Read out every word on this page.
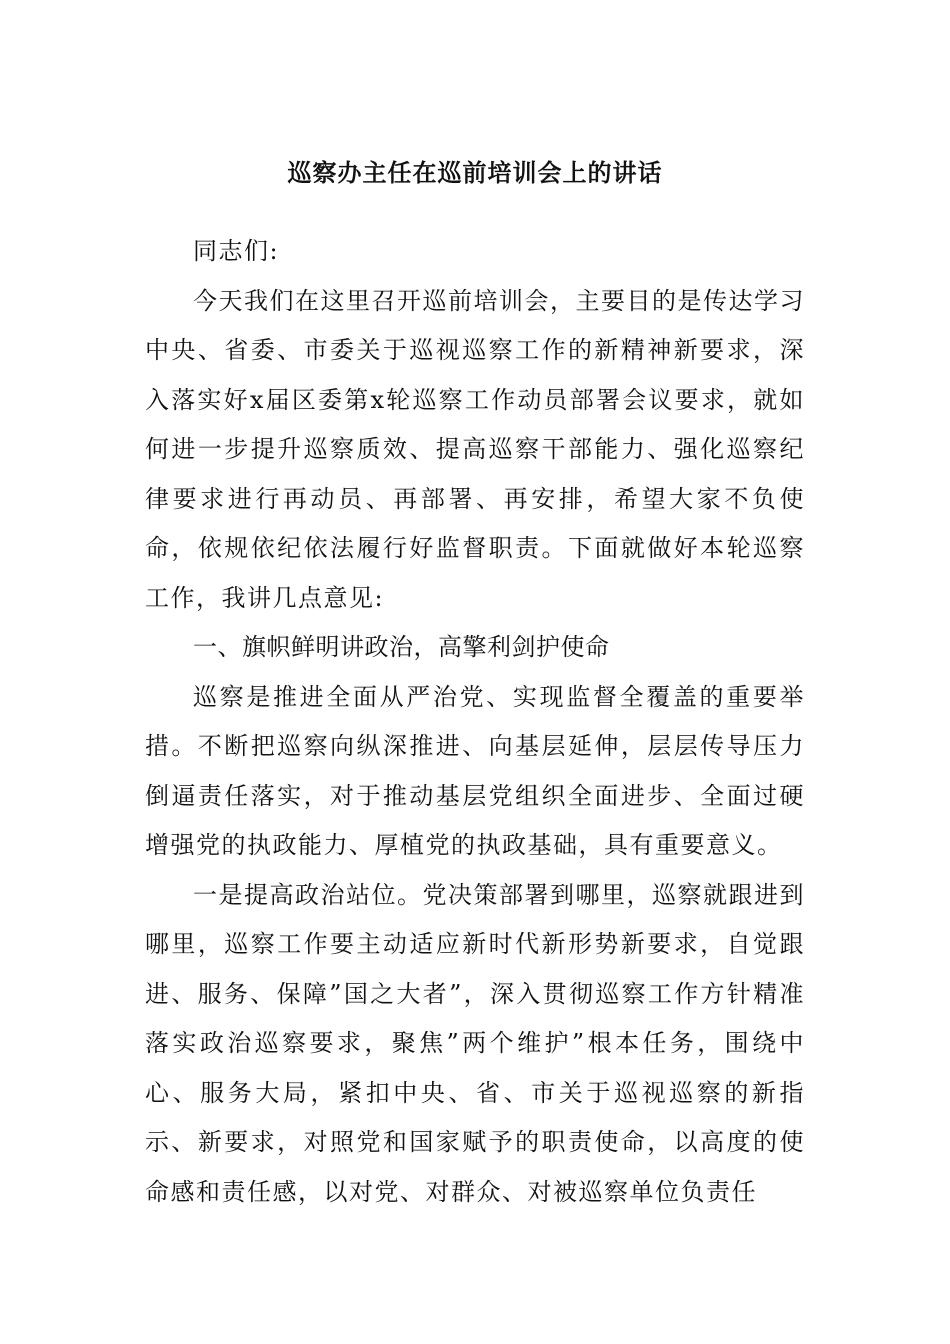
巡察办主任在巡前培训会上的讲话

同志们:

今天我们在这里召开巡前培训会，主要目的是传达学习中央、省委、市委关于巡视巡察工作的新精神新要求，深入落实好x届区委第x轮巡察工作动员部署会议要求，就如何进一步提升巡察质效、提高巡察干部能力、强化巡察纪律要求进行再动员、再部署、再安排，希望大家不负使命，依规依纪依法履行好监督职责。下面就做好本轮巡察工作，我讲几点意见:

一、旗帜鲜明讲政治，高擎利剑护使命

巡察是推进全面从严治党、实现监督全覆盖的重要举措。不断把巡察向纵深推进、向基层延伸，层层传导压力倒逼责任落实，对于推动基层党组织全面进步、全面过硬增强党的执政能力、厚植党的执政基础，具有重要意义。

一是提高政治站位。党决策部署到哪里，巡察就跟进到哪里，巡察工作要主动适应新时代新形势新要求，自觉跟进、服务、保障”国之大者”，深入贯彻巡察工作方针精准落实政治巡察要求，聚焦”两个维护”根本任务，围绕中心、服务大局，紧扣中央、省、市关于巡视巡察的新指示、新要求，对照党和国家赋予的职责使命，以高度的使命感和责任感，以对党、对群众、对被巡察单位负责任
